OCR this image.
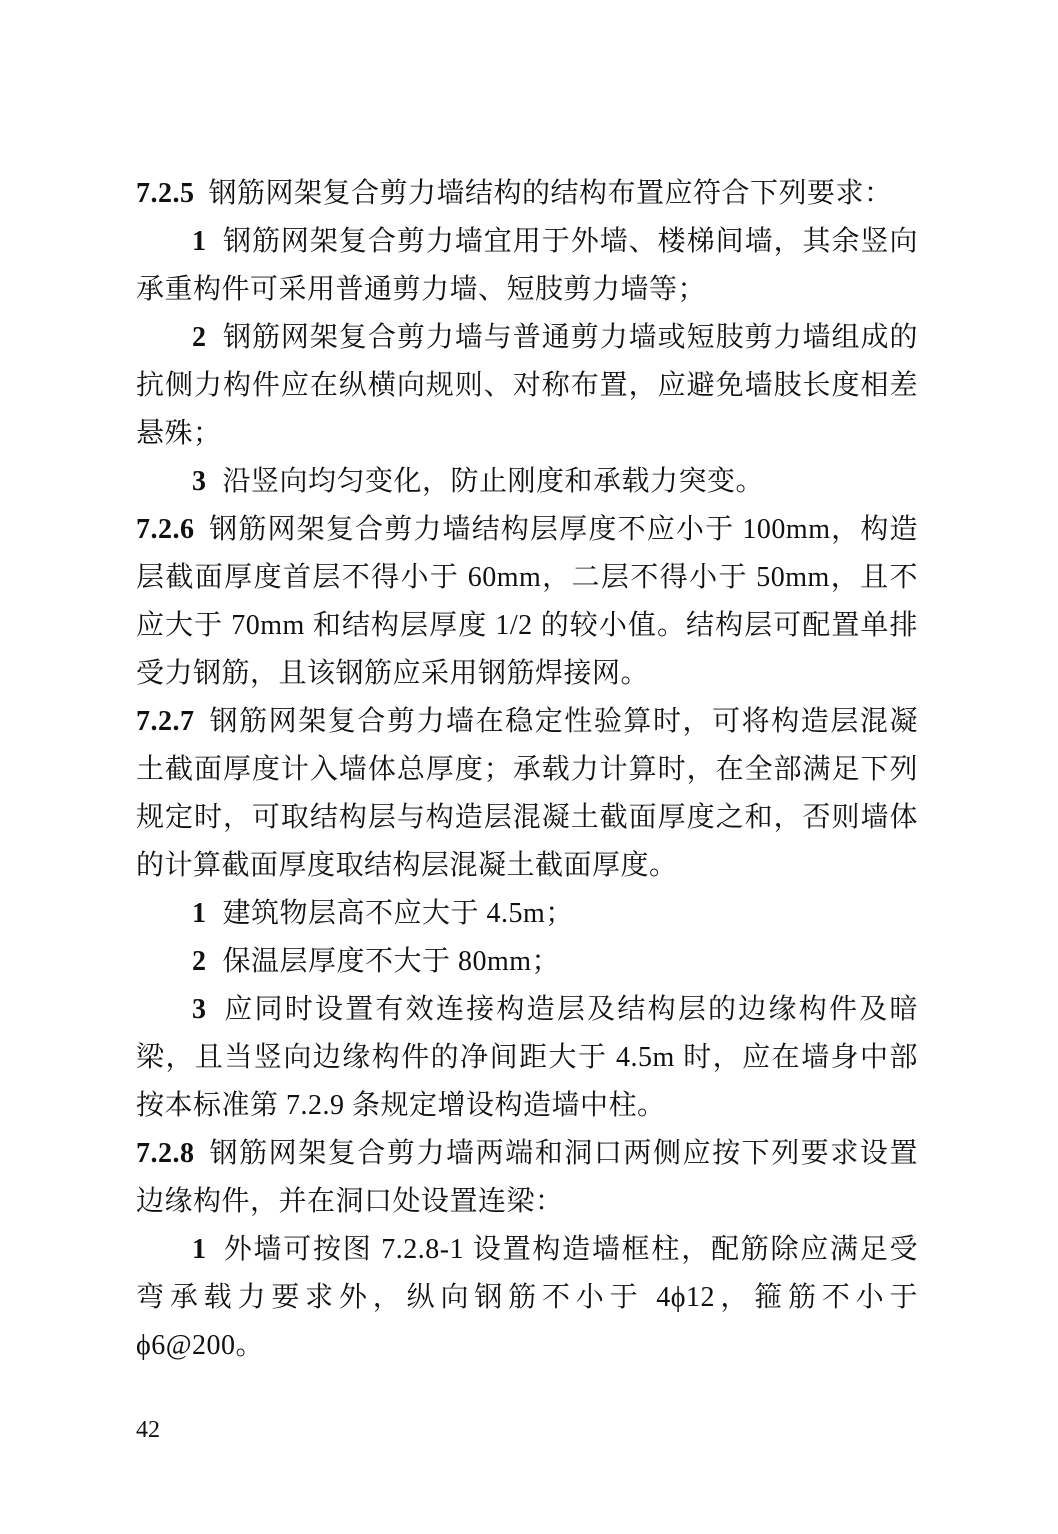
7.2.5 钢筋网架复合剪力墙结构的结构布置应符合下列要求：

1 钢筋网架复合剪力墙宜用于外墙、楼梯间墙，其余竖向承重构件可采用普通剪力墙、短肢剪力墙等；

2 钢筋网架复合剪力墙与普通剪力墙或短肢剪力墙组成的抗侧力构件应在纵横向规则、对称布置，应避免墙肢长度相差悬殊；

3 沿竖向均匀变化，防止刚度和承载力突变。

7.2.6 钢筋网架复合剪力墙结构层厚度不应小于 100mm，构造层截面厚度首层不得小于 60mm，二层不得小于 50mm，且不应大于 70mm 和结构层厚度 1/2 的较小值。结构层可配置单排受力钢筋，且该钢筋应采用钢筋焊接网。

7.2.7 钢筋网架复合剪力墙在稳定性验算时，可将构造层混凝土截面厚度计入墙体总厚度；承载力计算时，在全部满足下列规定时，可取结构层与构造层混凝土截面厚度之和，否则墙体的计算截面厚度取结构层混凝土截面厚度。

1 建筑物层高不应大于 4.5m；

2 保温层厚度不大于 80mm；

3 应同时设置有效连接构造层及结构层的边缘构件及暗梁，且当竖向边缘构件的净间距大于 4.5m 时，应在墙身中部按本标准第 7.2.9 条规定增设构造墙中柱。

7.2.8 钢筋网架复合剪力墙两端和洞口两侧应按下列要求设置边缘构件，并在洞口处设置连梁：

1 外墙可按图 7.2.8-1 设置构造墙框柱，配筋除应满足受弯承载力要求外，纵向钢筋不小于 4ϕ12，箍筋不小于ϕ6@200。

42
